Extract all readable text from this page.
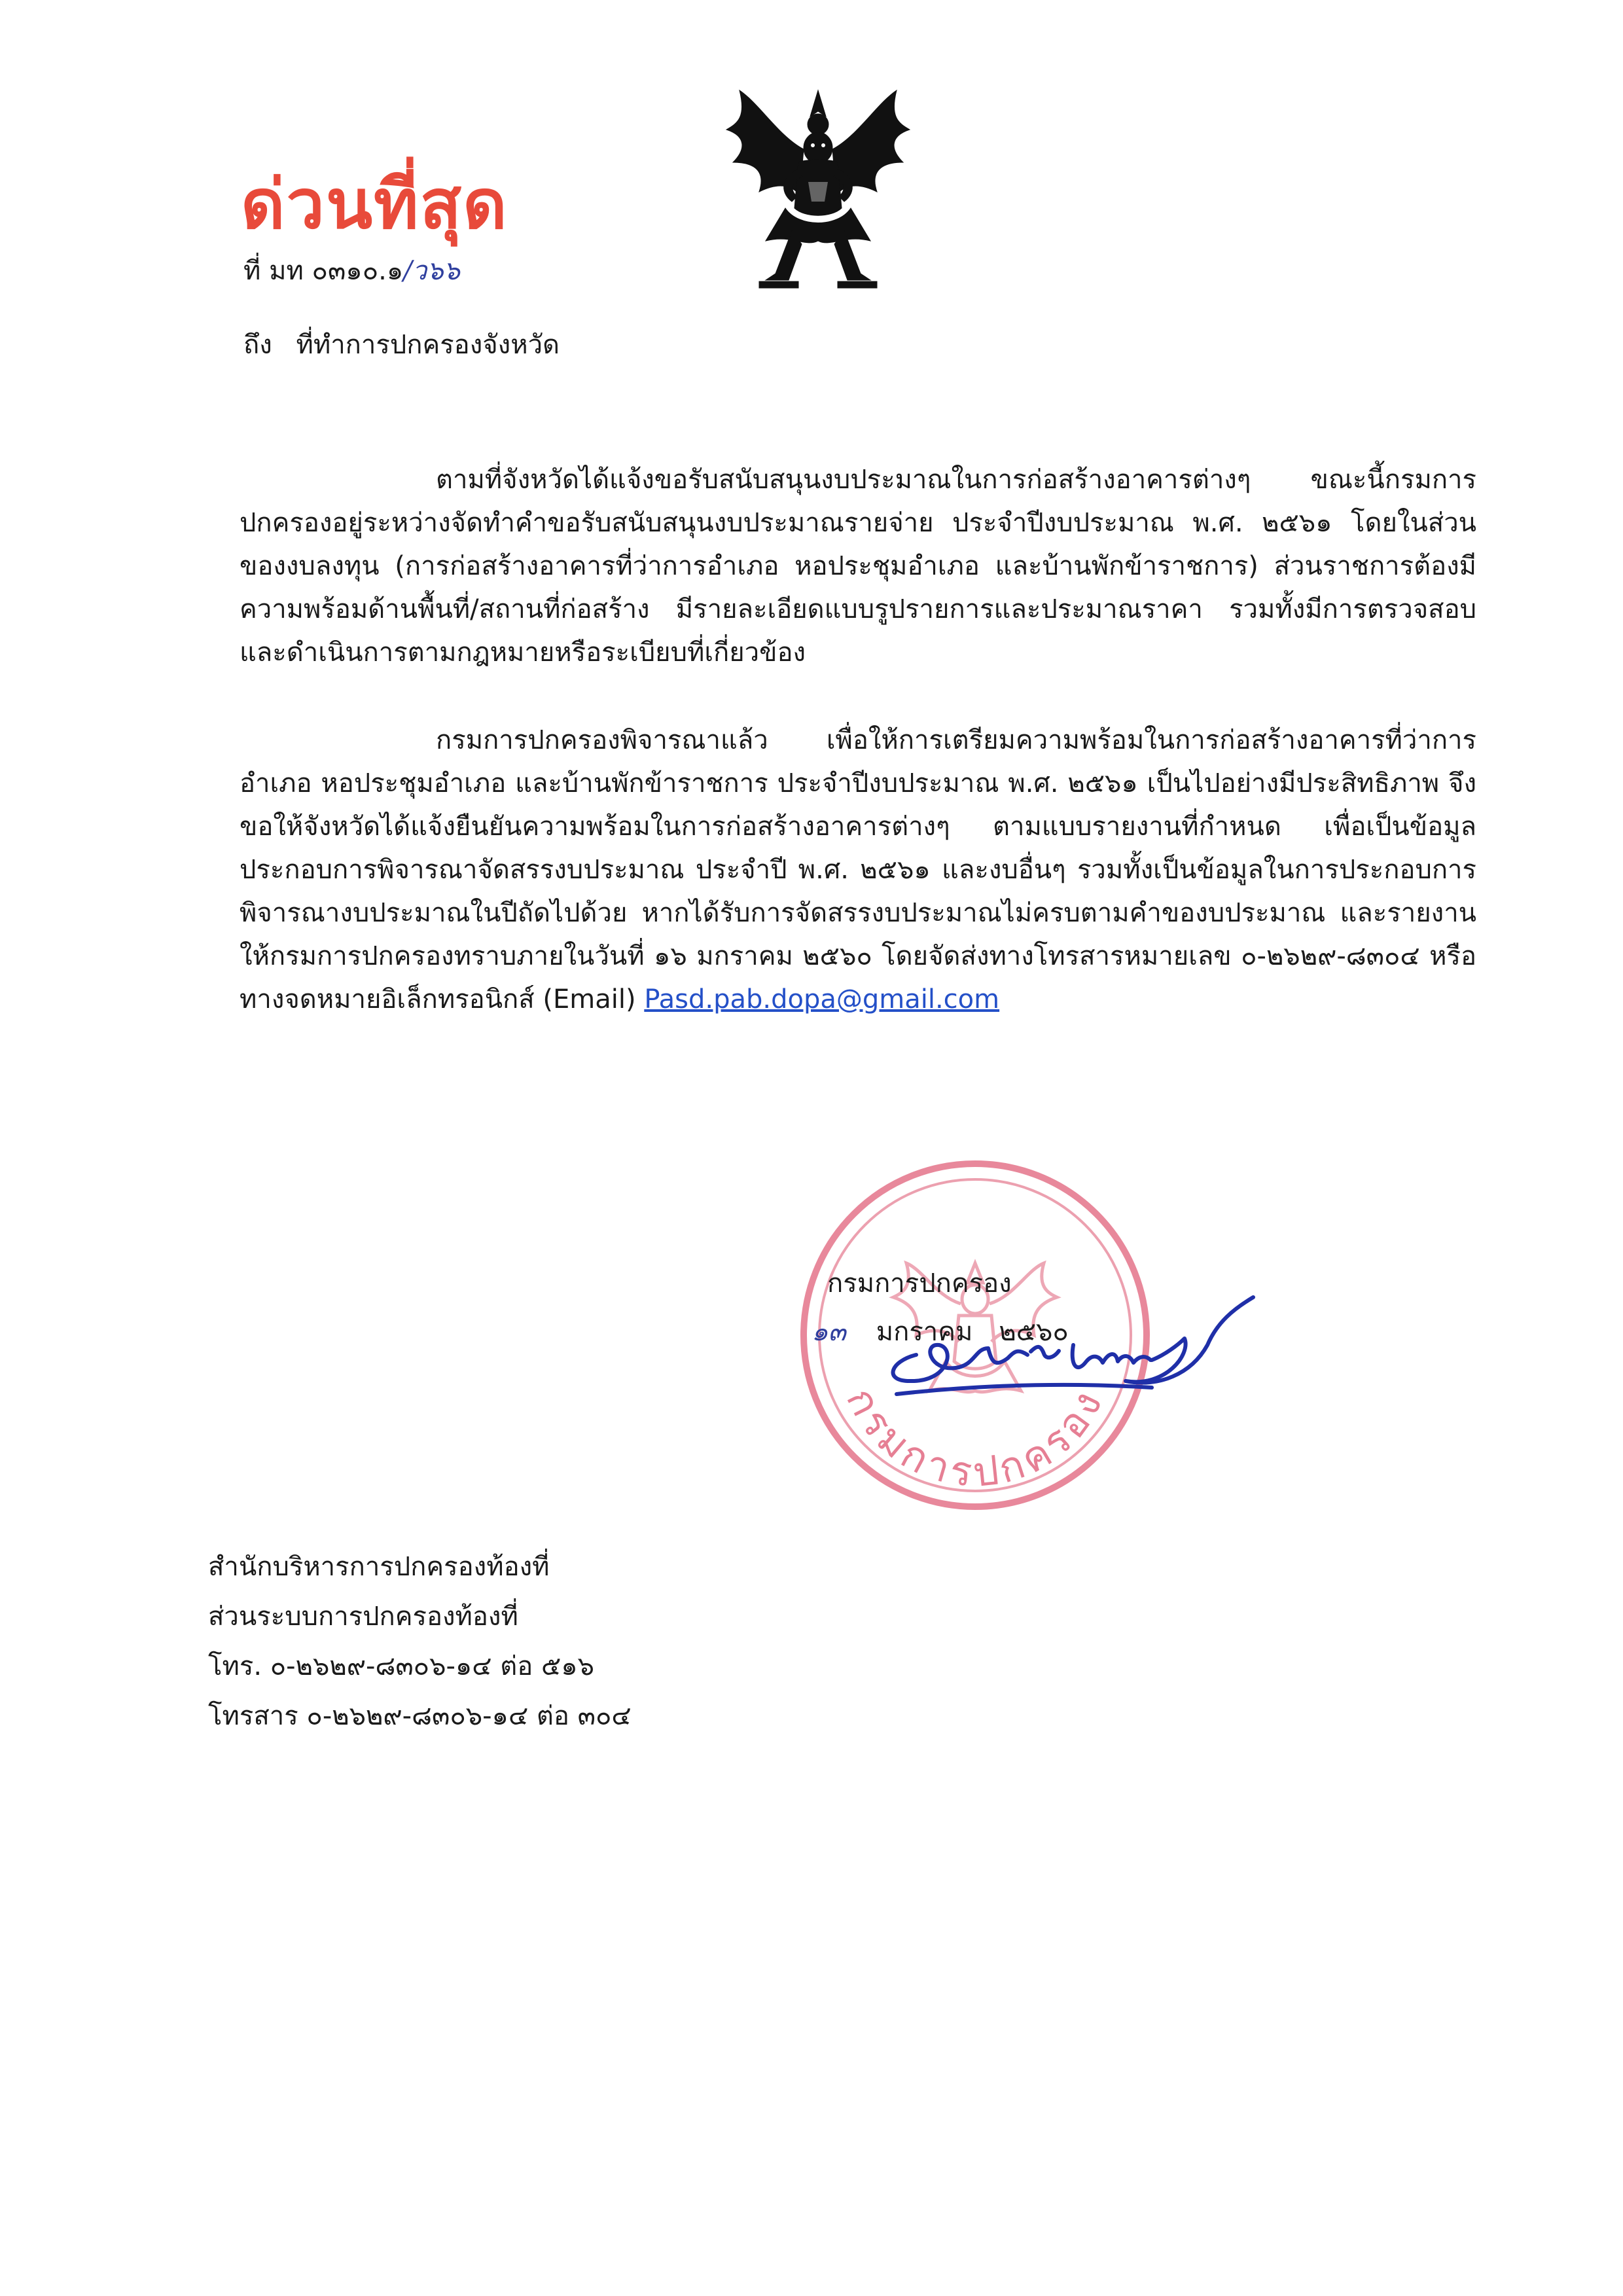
ด่วนที่สุด
ที่ มท ๐๓๑๐.๑/ว๖๖
ถึง ที่ทำการปกครองจังหวัด

ตามที่จังหวัดได้แจ้งขอรับสนับสนุนงบประมาณในการก่อสร้างอาคารต่างๆ ขณะนี้กรมการปกครองอยู่ระหว่างจัดทำคำขอรับสนับสนุนงบประมาณรายจ่าย ประจำปีงบประมาณ พ.ศ. ๒๕๖๑ โดยในส่วนของงบลงทุน (การก่อสร้างอาคารที่ว่าการอำเภอ หอประชุมอำเภอ และบ้านพักข้าราชการ) ส่วนราชการต้องมีความพร้อมด้านพื้นที่/สถานที่ก่อสร้าง มีรายละเอียดแบบรูปรายการและประมาณราคา รวมทั้งมีการตรวจสอบและดำเนินการตามกฎหมายหรือระเบียบที่เกี่ยวข้อง

กรมการปกครองพิจารณาแล้ว เพื่อให้การเตรียมความพร้อมในการก่อสร้างอาคารที่ว่าการอำเภอ หอประชุมอำเภอ และบ้านพักข้าราชการ ประจำปีงบประมาณ พ.ศ. ๒๕๖๑ เป็นไปอย่างมีประสิทธิภาพ จึงขอให้จังหวัดได้แจ้งยืนยันความพร้อมในการก่อสร้างอาคารต่างๆ ตามแบบรายงานที่กำหนด เพื่อเป็นข้อมูลประกอบการพิจารณาจัดสรรงบประมาณ ประจำปี พ.ศ. ๒๕๖๑ และงบอื่นๆ รวมทั้งเป็นข้อมูลในการประกอบการพิจารณางบประมาณในปีถัดไปด้วย หากได้รับการจัดสรรงบประมาณไม่ครบตามคำของบประมาณ และรายงานให้กรมการปกครองทราบภายในวันที่ ๑๖ มกราคม ๒๕๖๐ โดยจัดส่งทางโทรสารหมายเลข ๐-๒๖๒๙-๘๓๐๔ หรือทางจดหมายอิเล็กทรอนิกส์ (Email) Pasd.pab.dopa@gmail.com

กรมการปกครอง
กรมการปกครอง
๑๓ มกราคม ๒๕๖๐
สำนักบริหารการปกครองท้องที่
ส่วนระบบการปกครองท้องที่
โทร. ๐-๒๖๒๙-๘๓๐๖-๑๔ ต่อ ๕๑๖
โทรสาร ๐-๒๖๒๙-๘๓๐๖-๑๔ ต่อ ๓๐๔
